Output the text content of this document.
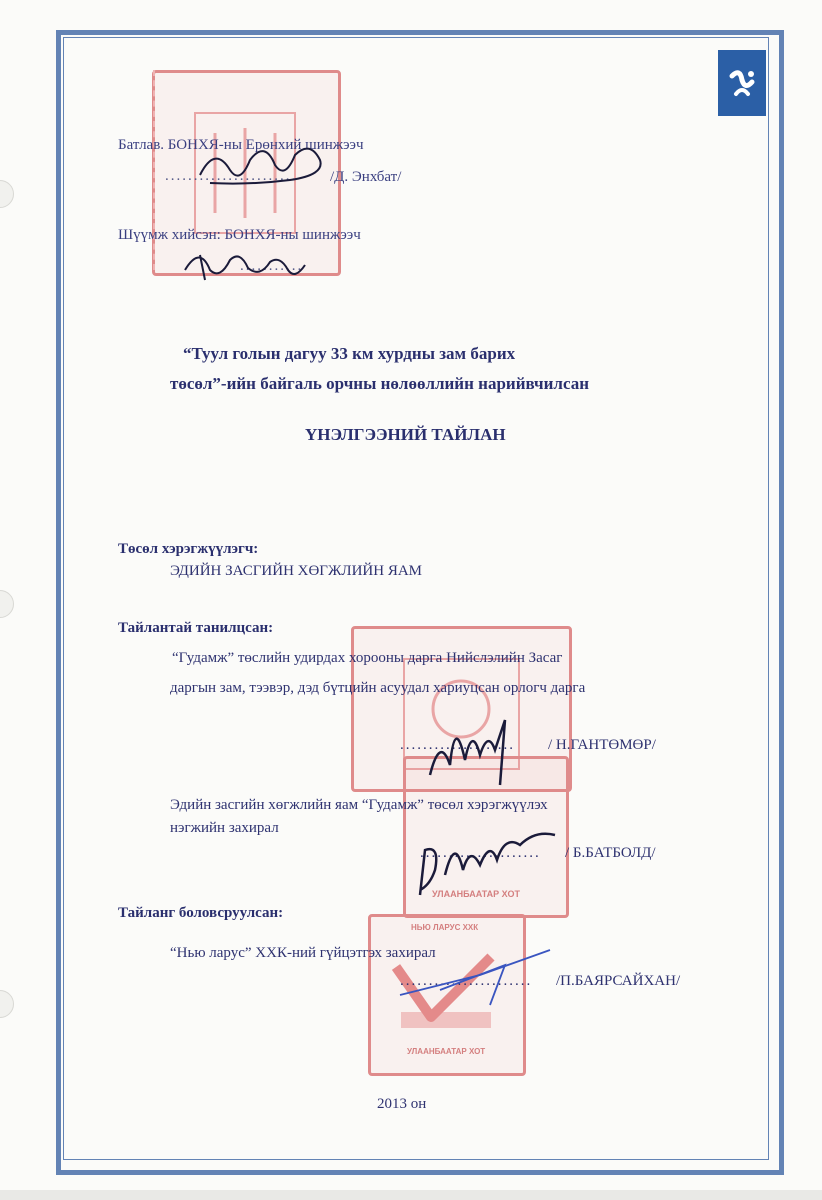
Батлав. БОНХЯ-ны Ерөнхий шинжээч
....................... /Д. Энхбат/
Шүүмж хийсэн: БОНХЯ-ны шинжээч
...........
“Туул голын дагуу 33 км хурдны зам барих
төсөл”-ийн байгаль орчны нөлөөллийн нарийвчилсан
ҮНЭЛГЭЭНИЙ ТАЙЛАН
Төсөл хэрэгжүүлэгч:
ЭДИЙН ЗАСГИЙН ХӨГЖЛИЙН ЯАМ
Тайлантай танилцсан:
УЛААНБААТАР ХОТ
“Гудамж” төслийн удирдах хорооны дарга Нийслэлийн Засаг
даргын зам, тээвэр, дэд бүтцийн асуудал хариуцсан орлогч дарга
.................... / Н.ГАНТӨМӨР/
Эдийн засгийн хөгжлийн яам “Гудамж” төсөл хэрэгжүүлэх
нэгжийн захирал
..................... / Б.БАТБОЛД/
Тайланг боловсруулсан:
НЬЮ ЛАРУС ХХК
УЛААНБААТАР ХОТ
“Нью ларус” ХХК-ний гүйцэтгэх захирал
....................... /П.БАЯРСАЙХАН/
2013 он
